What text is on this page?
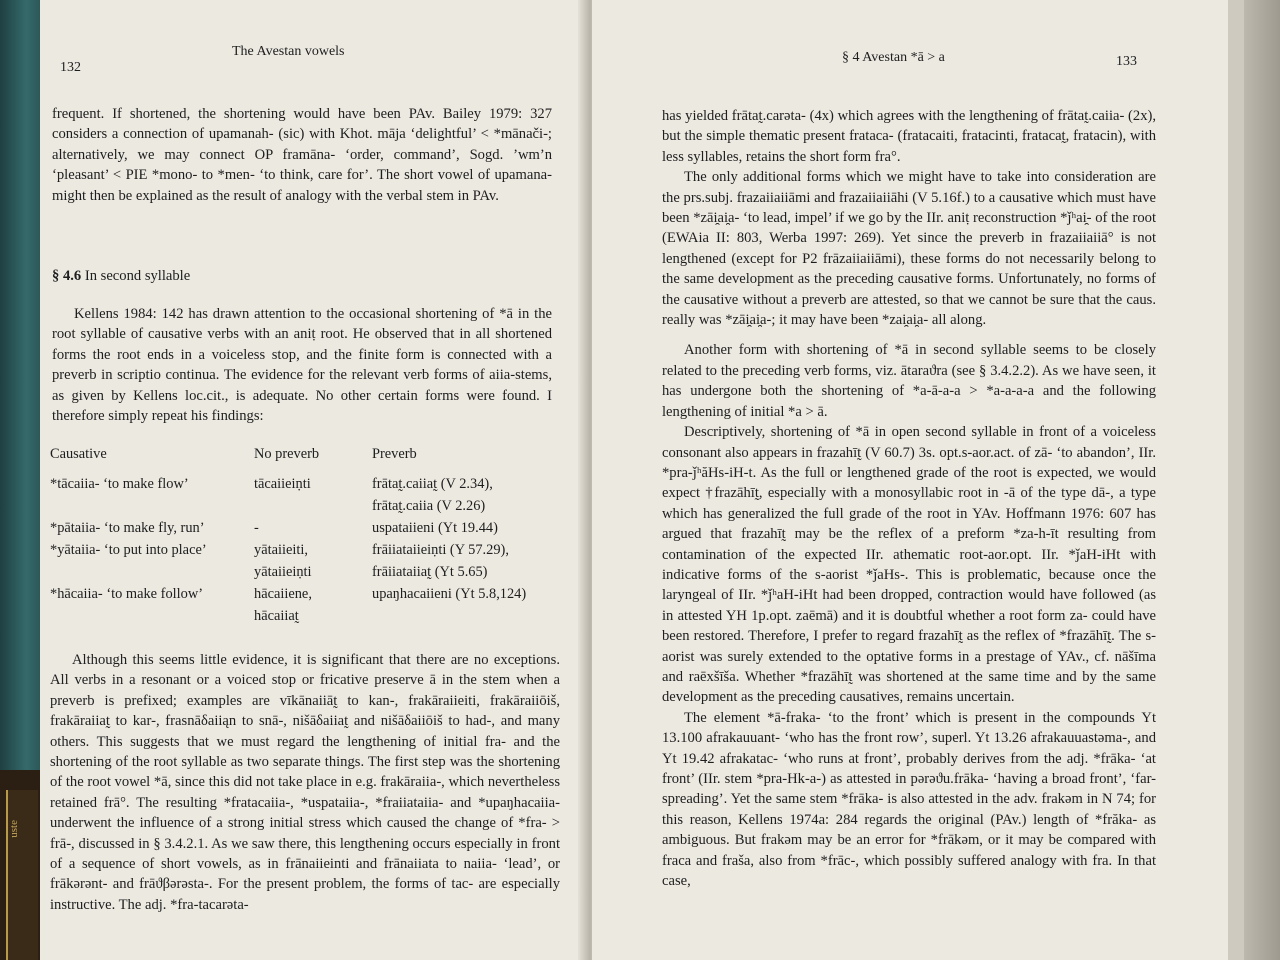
uste
132
The Avestan vowels

frequent. If shortened, the shortening would have been PAv. Bailey 1979: 327 considers a connection of upamanah- (sic) with Khot. māja ‘delightful’ < *mānači-; alternatively, we may connect OP framāna- ‘order, command’, Sogd. ’wm’n ‘pleasant’ < PIE *mono- to *men- ‘to think, care for’. The short vowel of upamana- might then be explained as the result of analogy with the verbal stem in PAv.

§ 4.6 In second syllable

Kellens 1984: 142 has drawn attention to the occasional shortening of *ā in the root syllable of causative verbs with an aniṭ root. He observed that in all shortened forms the root ends in a voiceless stop, and the finite form is connected with a preverb in scriptio continua. The evidence for the relevant verb forms of aiia-stems, as given by Kellens loc.cit., is adequate. No other certain forms were found. I therefore simply repeat his findings:

Causative	No preverb	Preverb
*tācaiia- ‘to make flow’	tācaiieiṇti	frātat̰.caiiat̰ (V 2.34),
		frātat̰.caiia (V 2.26)
*pātaiia- ‘to make fly, run’	-	uspataiieni (Yt 19.44)
*yātaiia- ‘to put into place’	yātaiieiti,	frāiiataiieiṇti (Y 57.29),
	yātaiieiṇti	frāiiataiiat̰ (Yt 5.65)
*hācaiia- ‘to make follow’	hācaiiene,	upaŋhacaiieni (Yt 5.8,124)
	hācaiiat̰	

Although this seems little evidence, it is significant that there are no exceptions. All verbs in a resonant or a voiced stop or fricative preserve ā in the stem when a preverb is prefixed; examples are vīkānaiiāt̰ to kan-, frakāraiieiti, frakāraiiōiš, frakāraiiat̰ to kar-, frasnāδaiiąn to snā-, nišāδaiiat̰ and nišāδaiiōiš to had-, and many others. This suggests that we must regard the lengthening of initial fra- and the shortening of the root syllable as two separate things. The first step was the shortening of the root vowel *ā, since this did not take place in e.g. frakāraiia-, which nevertheless retained frā°. The resulting *fratacaiia-, *uspataiia-, *fraiiataiia- and *upaŋhacaiia- underwent the influence of a strong initial stress which caused the change of *fra- > frā-, discussed in § 3.4.2.1. As we saw there, this lengthening occurs especially in front of a sequence of short vowels, as in frānaiieinti and frānaiiata to naiia- ‘lead’, or frākərənt- and frāϑβərəsta-. For the present problem, the forms of tac- are especially instructive. The adj. *fra-tacarəta-

§ 4 Avestan *ā > a	133

has yielded frātat̰.carəta- (4x) which agrees with the lengthening of frātat̰.caiia- (2x), but the simple thematic present frataca- (fratacaiti, fratacinti, fratacat̰, fratacin), with less syllables, retains the short form fra°.

The only additional forms which we might have to take into consideration are the prs.subj. frazaiiaiiāmi and frazaiiaiiāhi (V 5.16f.) to a causative which must have been *zāi̯ai̯a- ‘to lead, impel’ if we go by the IIr. aniṭ reconstruction *ǰʰai̯- of the root (EWAia II: 803, Werba 1997: 269). Yet since the preverb in frazaiiaiiā° is not lengthened (except for P2 frāzaiiaiiāmi), these forms do not necessarily belong to the same development as the preceding causative forms. Unfortunately, no forms of the causative without a preverb are attested, so that we cannot be sure that the caus. really was *zāi̯ai̯a-; it may have been *zai̯ai̯a- all along.

Another form with shortening of *ā in second syllable seems to be closely related to the preceding verb forms, viz. ātaraϑra (see § 3.4.2.2). As we have seen, it has undergone both the shortening of *a-ā-a-a > *a-a-a-a and the following lengthening of initial *a > ā.

Descriptively, shortening of *ā in open second syllable in front of a voiceless consonant also appears in frazahīt̰ (V 60.7) 3s. opt.s-aor.act. of zā- ‘to abandon’, IIr. *pra-ǰʰăHs-iH-t. As the full or lengthened grade of the root is expected, we would expect †frazāhīt̰, especially with a monosyllabic root in -ā of the type dā-, a type which has generalized the full grade of the root in YAv. Hoffmann 1976: 607 has argued that frazahīt̰ may be the reflex of a preform *za-h-īt resulting from contamination of the expected IIr. athematic root-aor.opt. IIr. *ǰaH-iHt with indicative forms of the s-aorist *ǰaHs-. This is problematic, because once the laryngeal of IIr. *ǰʰaH-iHt had been dropped, contraction would have followed (as in attested YH 1p.opt. zaēmā) and it is doubtful whether a root form za- could have been restored. Therefore, I prefer to regard frazahīt̰ as the reflex of *frazāhīt̰. The s-aorist was surely extended to the optative forms in a prestage of YAv., cf. nāšīma and raēxšīša. Whether *frazāhīt̰ was shortened at the same time and by the same development as the preceding causatives, remains uncertain.

The element *ā-fraka- ‘to the front’ which is present in the compounds Yt 13.100 afrakauuant- ‘who has the front row’, superl. Yt 13.26 afrakauuastəma-, and Yt 19.42 afrakatac- ‘who runs at front’, probably derives from the adj. *frāka- ‘at front’ (IIr. stem *pra-Hk-a-) as attested in pərəϑu.frāka- ‘having a broad front’, ‘far-spreading’. Yet the same stem *frāka- is also attested in the adv. frakəm in N 74; for this reason, Kellens 1974a: 284 regards the original (PAv.) length of *frăka- as ambiguous. But frakəm may be an error for *frākəm, or it may be compared with fraca and fraša, also from *frāc-, which possibly suffered analogy with fra. In that case,
